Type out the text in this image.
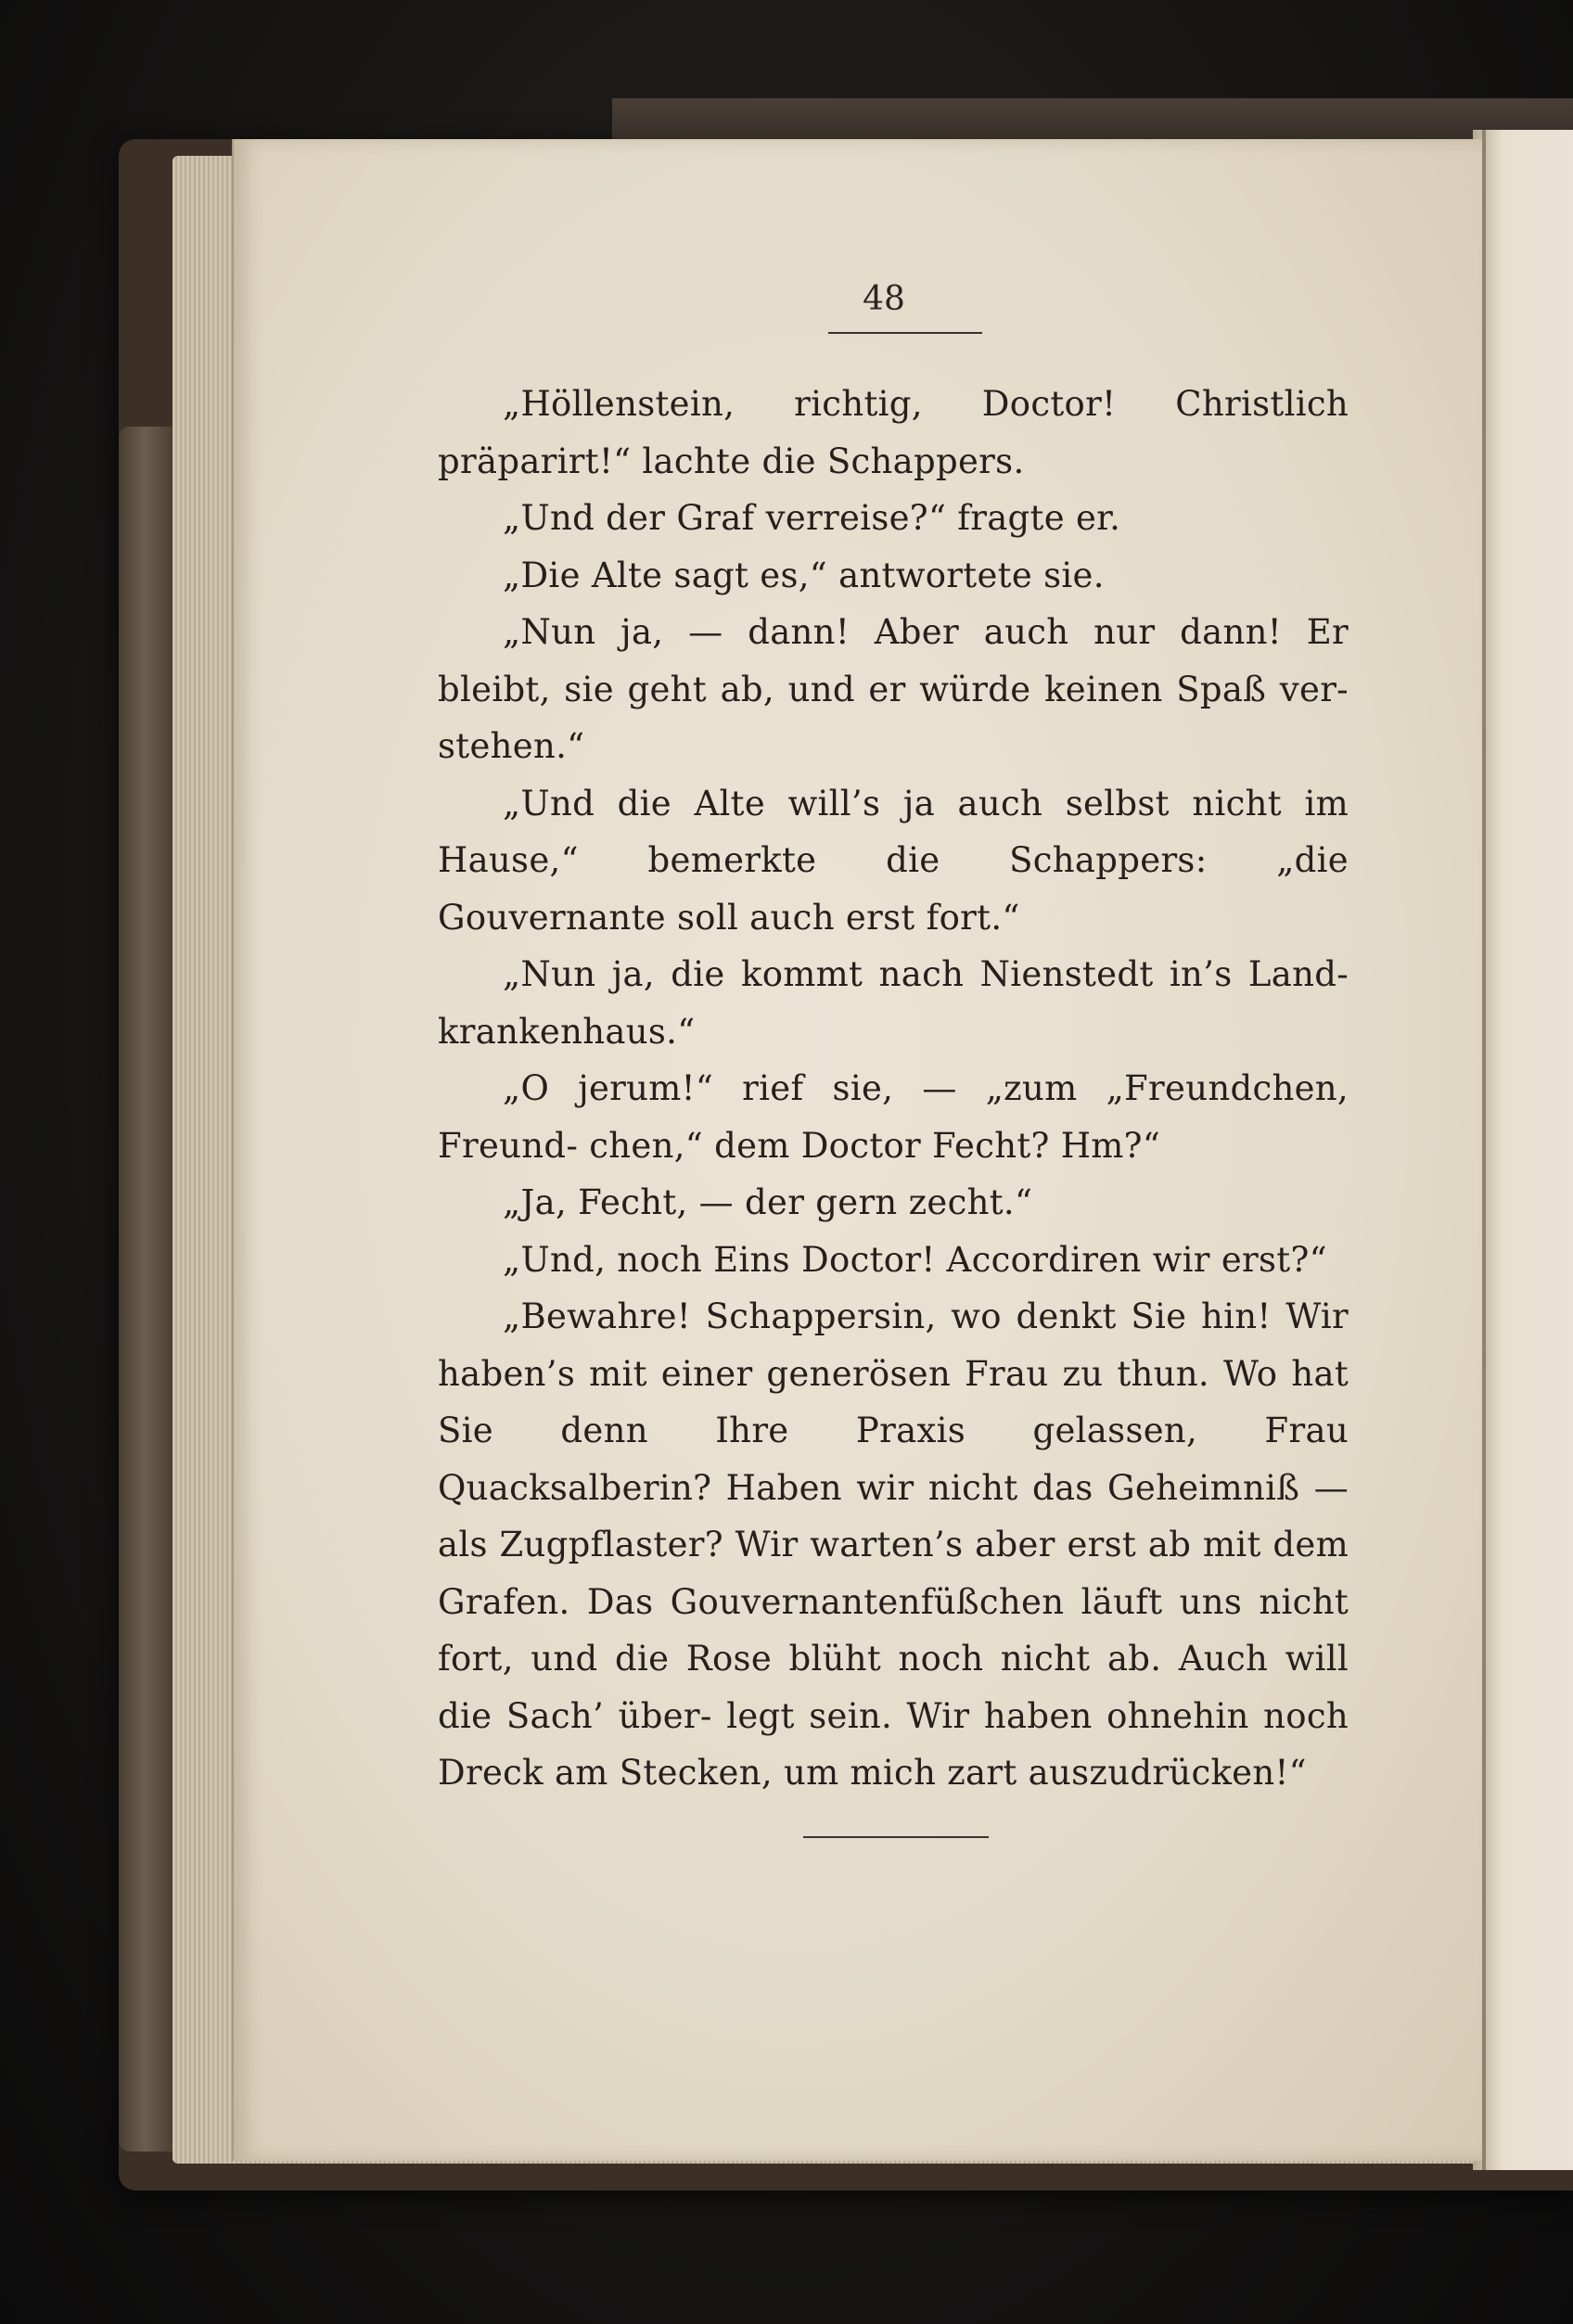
48

„Höllenstein, richtig, Doctor! Christlich präparirt!“ lachte die Schappers.

„Und der Graf verreise?“ fragte er.

„Die Alte sagt es,“ antwortete sie.

„Nun ja, — dann! Aber auch nur dann! Er bleibt, sie geht ab, und er würde keinen Spaß ver- stehen.“

„Und die Alte will’s ja auch selbst nicht im Hause,“ bemerkte die Schappers: „die Gouvernante soll auch erst fort.“

„Nun ja, die kommt nach Nienstedt in’s Land- krankenhaus.“

„O jerum!“ rief sie, — „zum „Freundchen, Freund- chen,“ dem Doctor Fecht? Hm?“

„Ja, Fecht, — der gern zecht.“

„Und, noch Eins Doctor! Accordiren wir erst?“

„Bewahre! Schappersin, wo denkt Sie hin! Wir haben’s mit einer generösen Frau zu thun. Wo hat Sie denn Ihre Praxis gelassen, Frau Quacksalberin? Haben wir nicht das Geheimniß — als Zugpflaster? Wir warten’s aber erst ab mit dem Grafen. Das Gouvernantenfüßchen läuft uns nicht fort, und die Rose blüht noch nicht ab. Auch will die Sach’ über- legt sein. Wir haben ohnehin noch Dreck am Stecken, um mich zart auszudrücken!“
